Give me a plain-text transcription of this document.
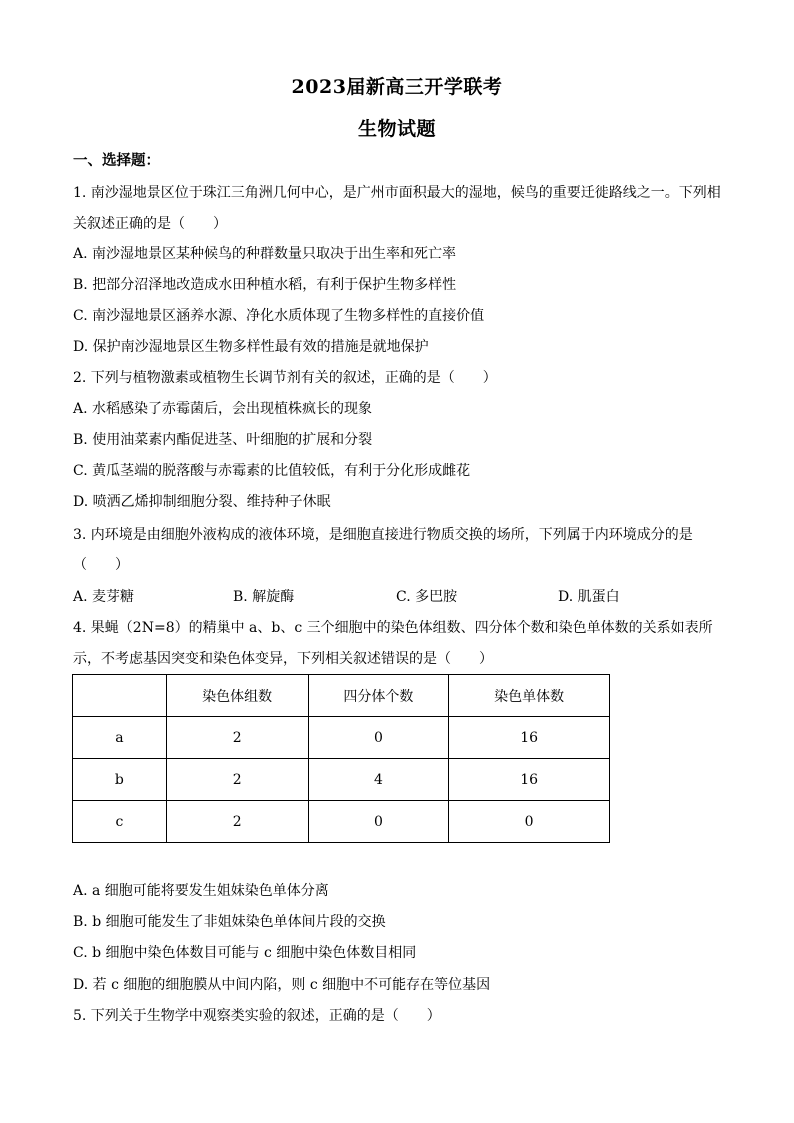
2023届新高三开学联考
生物试题
一、选择题：
1. 南沙湿地景区位于珠江三角洲几何中心，是广州市面积最大的湿地，候鸟的重要迁徙路线之一。下列相
关叙述正确的是（　　）
A. 南沙湿地景区某种候鸟的种群数量只取决于出生率和死亡率
B. 把部分沼泽地改造成水田种植水稻，有利于保护生物多样性
C. 南沙湿地景区涵养水源、净化水质体现了生物多样性的直接价值
D. 保护南沙湿地景区生物多样性最有效的措施是就地保护
2. 下列与植物激素或植物生长调节剂有关的叙述，正确的是（　　）
A. 水稻感染了赤霉菌后，会出现植株疯长的现象
B. 使用油菜素内酯促进茎、叶细胞的扩展和分裂
C. 黄瓜茎端的脱落酸与赤霉素的比值较低，有利于分化形成雌花
D. 喷洒乙烯抑制细胞分裂、维持种子休眠
3. 内环境是由细胞外液构成的液体环境，是细胞直接进行物质交换的场所，下列属于内环境成分的是
（　　）
A. 麦芽糖	B. 解旋酶	C. 多巴胺	D. 肌蛋白
4. 果蝇（2N=8）的精巢中 a、b、c 三个细胞中的染色体组数、四分体个数和染色单体数的关系如表所
示，不考虑基因突变和染色体变异，下列相关叙述错误的是（　　）
	染色体组数	四分体个数	染色单体数
a	2	0	16
b	2	4	16
c	2	0	0
A. a 细胞可能将要发生姐妹染色单体分离
B. b 细胞可能发生了非姐妹染色单体间片段的交换
C. b 细胞中染色体数目可能与 c 细胞中染色体数目相同
D. 若 c 细胞的细胞膜从中间内陷，则 c 细胞中不可能存在等位基因
5. 下列关于生物学中观察类实验的叙述，正确的是（　　）
